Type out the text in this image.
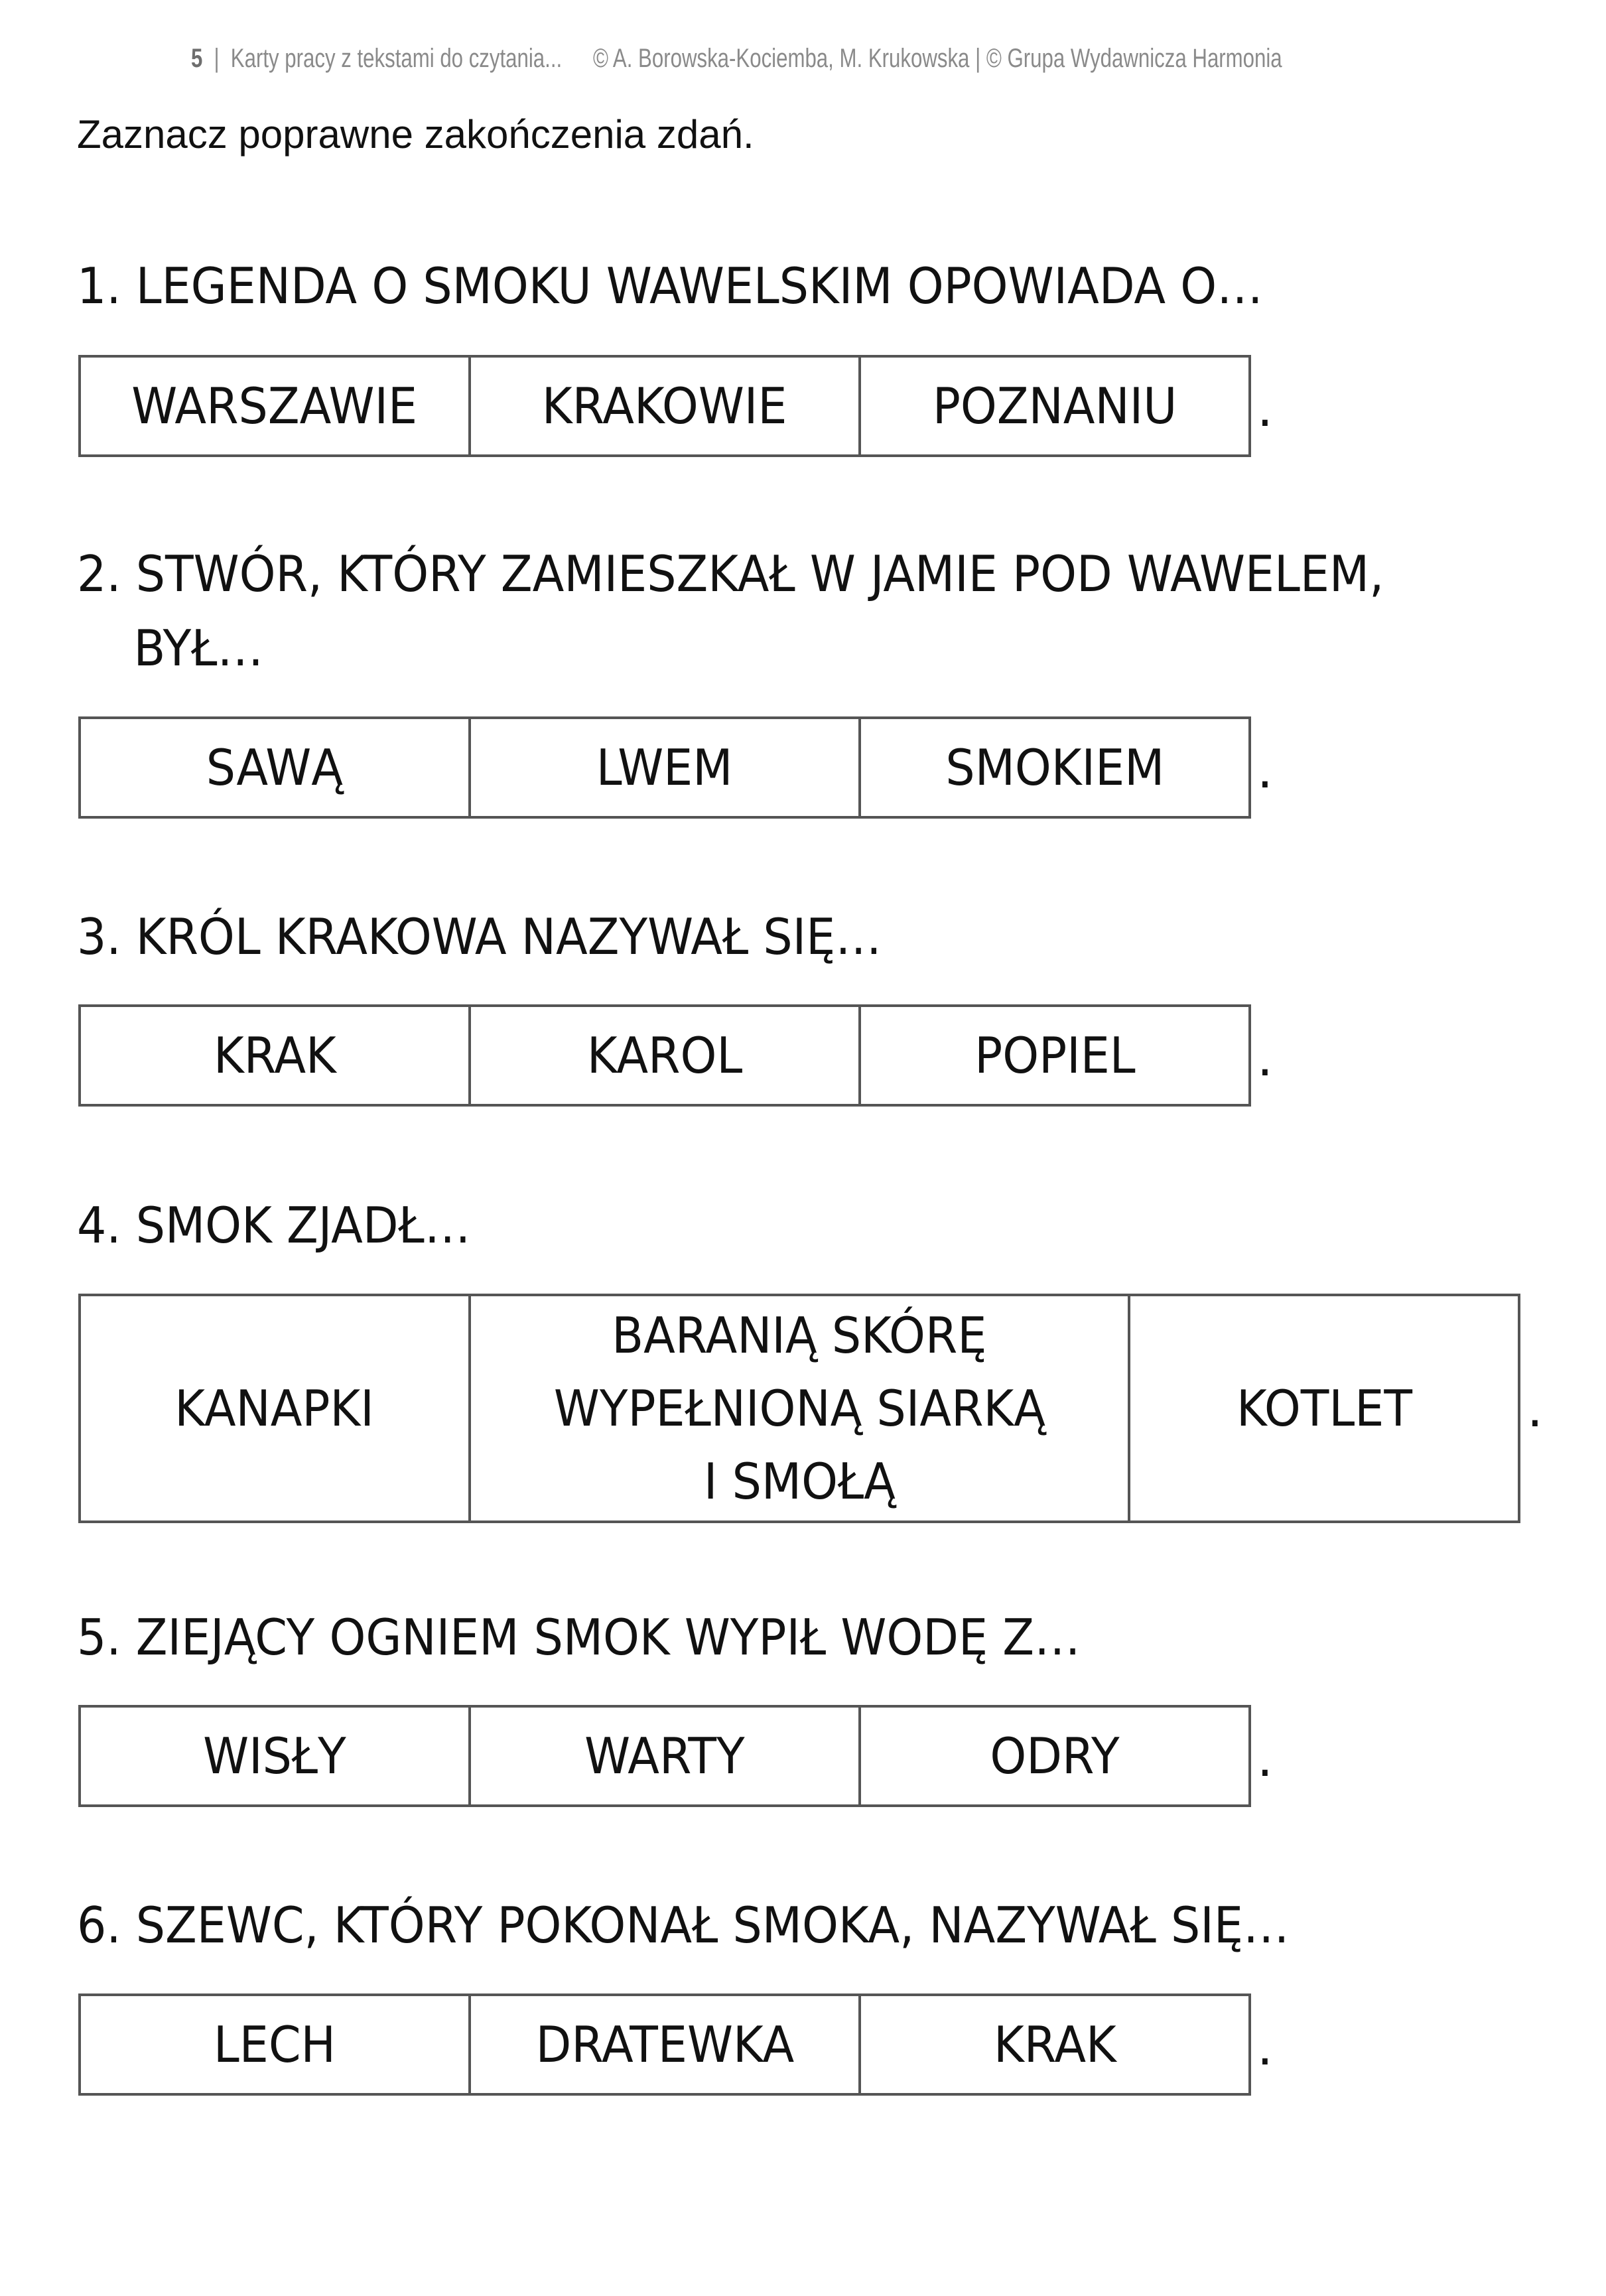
5 | Karty pracy z tekstami do czytania... © A. Borowska-Kociemba, M. Krukowska | © Grupa Wydawnicza Harmonia
Zaznacz poprawne zakończenia zdań.
1. LEGENDA O SMOKU WAWELSKIM OPOWIADA O…
WARSZAWIE	KRAKOWIE	POZNANIU .
2. STWÓR, KTÓRY ZAMIESZKAŁ W JAMIE POD WAWELEM,
BYŁ…
SAWĄ	LWEM	SMOKIEM .
3. KRÓL KRAKOWA NAZYWAŁ SIĘ…
KRAK	KAROL	POPIEL .
4. SMOK ZJADŁ…
KANAPKI	BARANIĄ SKÓRĘ
WYPEŁNIONĄ SIARKĄ
I SMOŁĄ	KOTLET .
5. ZIEJĄCY OGNIEM SMOK WYPIŁ WODĘ Z…
WISŁY	WARTY	ODRY	.
6. SZEWC, KTÓRY POKONAŁ SMOKA, NAZYWAŁ SIĘ…
LECH	DRATEWKA	KRAK	.
